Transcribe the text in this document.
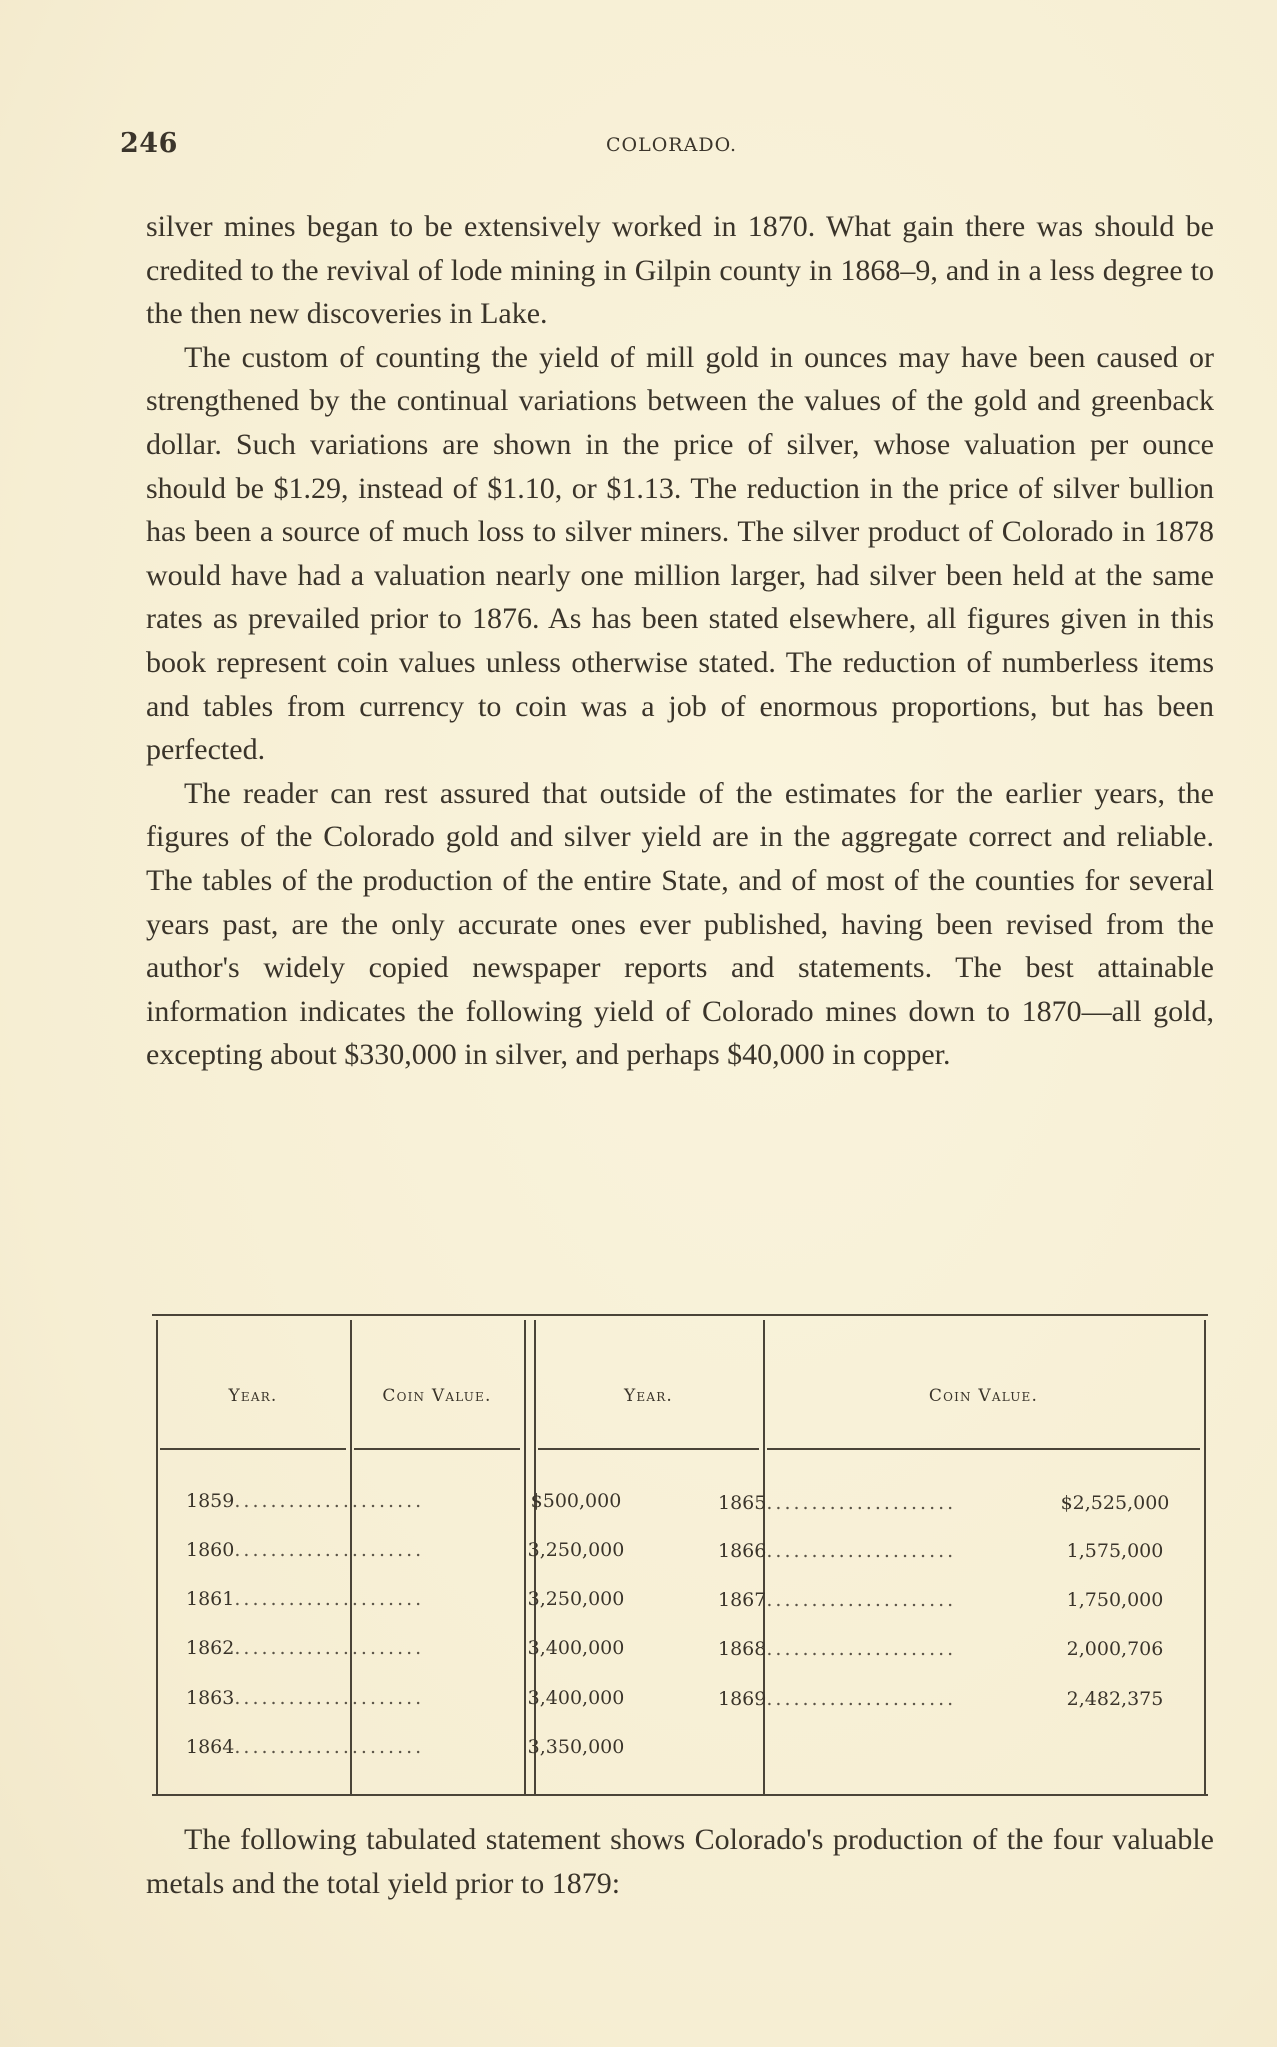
246	COLORADO.

silver mines began to be extensively worked in 1870. What gain there was should be credited to the revival of lode mining in Gilpin county in 1868–9, and in a less degree to the then new discoveries in Lake.

The custom of counting the yield of mill gold in ounces may have been caused or strengthened by the continual variations between the values of the gold and greenback dollar. Such variations are shown in the price of silver, whose valuation per ounce should be $1.29, instead of $1.10, or $1.13. The reduction in the price of silver bullion has been a source of much loss to silver miners. The silver product of Colorado in 1878 would have had a valuation nearly one million larger, had silver been held at the same rates as prevailed prior to 1876. As has been stated elsewhere, all figures given in this book represent coin values unless otherwise stated. The reduction of numberless items and tables from currency to coin was a job of enormous proportions, but has been perfected.

The reader can rest assured that outside of the estimates for the earlier years, the figures of the Colorado gold and silver yield are in the aggregate correct and reliable. The tables of the production of the entire State, and of most of the counties for several years past, are the only accurate ones ever published, having been revised from the author's widely copied newspaper reports and statements. The best attainable information indicates the following yield of Colorado mines down to 1870—all gold, excepting about $330,000 in silver, and perhaps $40,000 in copper.

Year.	Coin Value.	Year.	Coin Value.
1859.....................	$500,000
1860.....................	3,250,000
1861.....................	3,250,000
1862.....................	3,400,000
1863.....................	3,400,000
1864.....................	3,350,000
1865.....................	$2,525,000
1866.....................	1,575,000
1867.....................	1,750,000
1868.....................	2,000,706
1869.....................	2,482,375

The following tabulated statement shows Colorado's production of the four valuable metals and the total yield prior to 1879:
